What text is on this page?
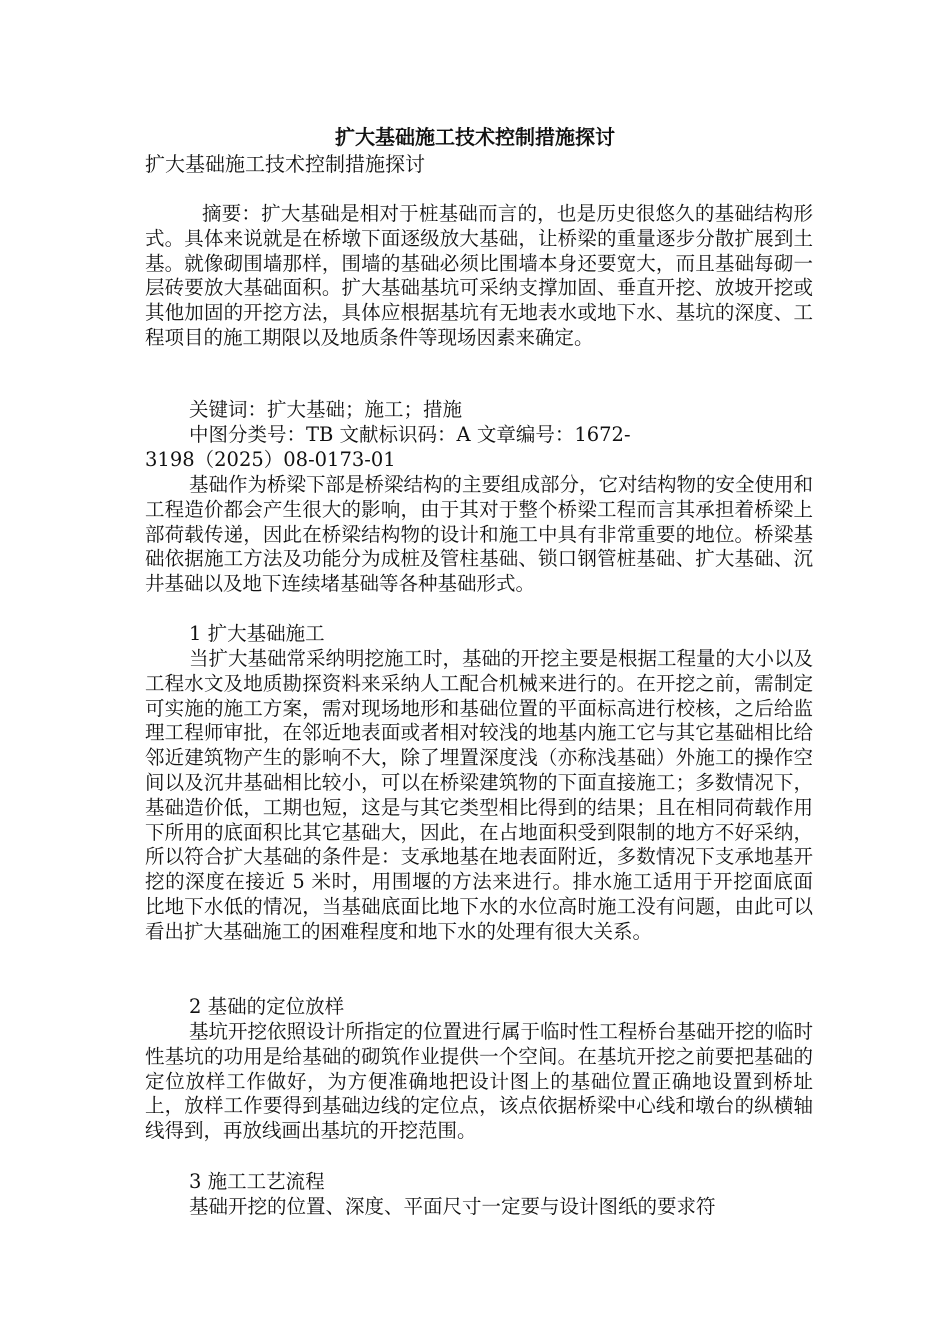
扩大基础施工技术控制措施探讨
扩大基础施工技术控制措施探讨

摘要：扩大基础是相对于桩基础而言的，也是历史很悠久的基础结构形式。具体来说就是在桥墩下面逐级放大基础，让桥梁的重量逐步分散扩展到土基。就像砌围墙那样，围墙的基础必须比围墙本身还要宽大，而且基础每砌一层砖要放大基础面积。扩大基础基坑可采纳支撑加固、垂直开挖、放坡开挖或其他加固的开挖方法，具体应根据基坑有无地表水或地下水、基坑的深度、工程项目的施工期限以及地质条件等现场因素来确定。

关键词：扩大基础；施工；措施
中图分类号：TB 文献标识码：A 文章编号：1672-
3198（2025）08-0173-01

基础作为桥梁下部是桥梁结构的主要组成部分，它对结构物的安全使用和工程造价都会产生很大的影响，由于其对于整个桥梁工程而言其承担着桥梁上部荷载传递，因此在桥梁结构物的设计和施工中具有非常重要的地位。桥梁基础依据施工方法及功能分为成桩及管柱基础、锁口钢管桩基础、扩大基础、沉井基础以及地下连续堵基础等各种基础形式。

1 扩大基础施工

当扩大基础常采纳明挖施工时，基础的开挖主要是根据工程量的大小以及工程水文及地质勘探资料来采纳人工配合机械来进行的。在开挖之前，需制定可实施的施工方案，需对现场地形和基础位置的平面标高进行校核，之后给监理工程师审批，在邻近地表面或者相对较浅的地基内施工它与其它基础相比给邻近建筑物产生的影响不大，除了埋置深度浅（亦称浅基础）外施工的操作空间以及沉井基础相比较小，可以在桥梁建筑物的下面直接施工；多数情况下，基础造价低，工期也短，这是与其它类型相比得到的结果；且在相同荷载作用下所用的底面积比其它基础大，因此，在占地面积受到限制的地方不好采纳，所以符合扩大基础的条件是：支承地基在地表面附近，多数情况下支承地基开挖的深度在接近 5 米时，用围堰的方法来进行。排水施工适用于开挖面底面比地下水低的情况，当基础底面比地下水的水位高时施工没有问题，由此可以看出扩大基础施工的困难程度和地下水的处理有很大关系。

2 基础的定位放样

基坑开挖依照设计所指定的位置进行属于临时性工程桥台基础开挖的临时性基坑的功用是给基础的砌筑作业提供一个空间。在基坑开挖之前要把基础的定位放样工作做好，为方便准确地把设计图上的基础位置正确地设置到桥址上，放样工作要得到基础边线的定位点，该点依据桥梁中心线和墩台的纵横轴线得到，再放线画出基坑的开挖范围。

3 施工工艺流程

基础开挖的位置、深度、平面尺寸一定要与设计图纸的要求符
